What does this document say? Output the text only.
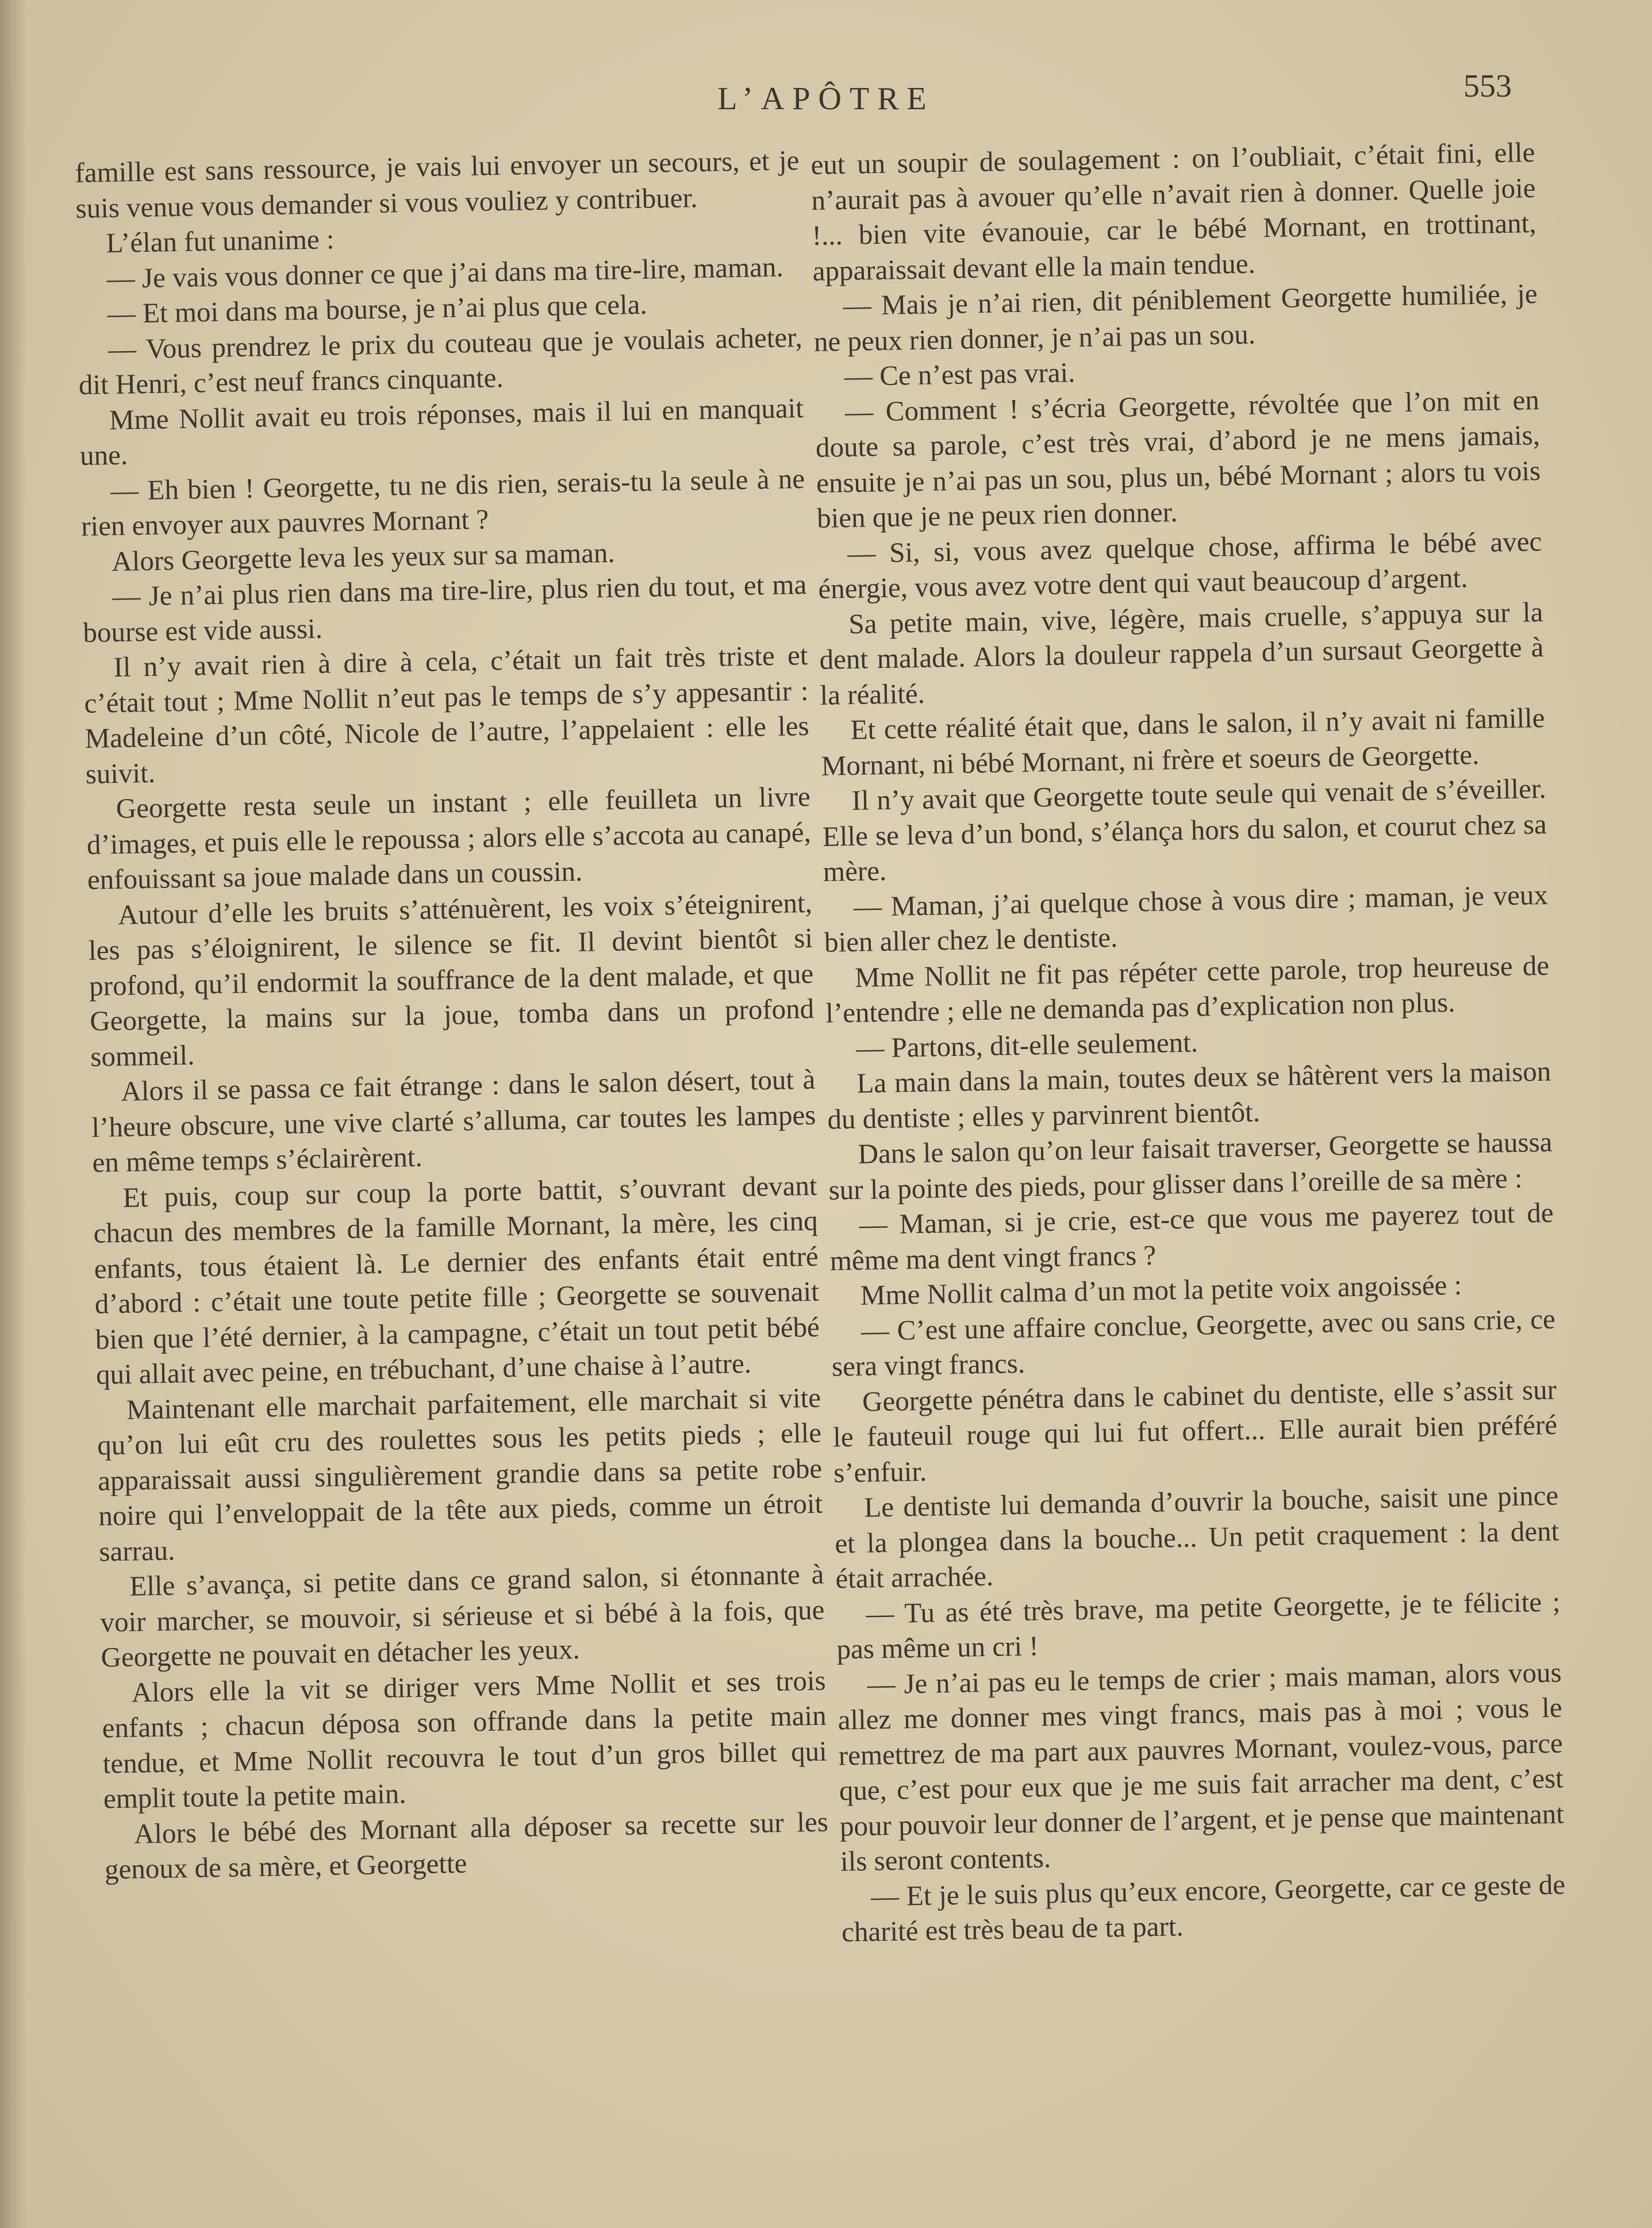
L’APÔTRE	553

famille est sans ressource, je vais lui envoyer un secours, et je suis venue vous demander si vous vouliez y contribuer.

L’élan fut unanime :

— Je vais vous donner ce que j’ai dans ma tire-lire, maman.

— Et moi dans ma bourse, je n’ai plus que cela.

— Vous prendrez le prix du couteau que je voulais acheter, dit Henri, c’est neuf francs cinquante.

Mme Nollit avait eu trois réponses, mais il lui en manquait une.

— Eh bien ! Georgette, tu ne dis rien, serais-tu la seule à ne rien envoyer aux pauvres Mornant ?

Alors Georgette leva les yeux sur sa maman.

— Je n’ai plus rien dans ma tire-lire, plus rien du tout, et ma bourse est vide aussi.

Il n’y avait rien à dire à cela, c’était un fait très triste et c’était tout ; Mme Nollit n’eut pas le temps de s’y appesantir : Madeleine d’un côté, Nicole de l’autre, l’appelaient : elle les suivit.

Georgette resta seule un instant ; elle feuilleta un livre d’images, et puis elle le repoussa ; alors elle s’accota au canapé, enfouissant sa joue malade dans un coussin.

Autour d’elle les bruits s’atténuèrent, les voix s’éteignirent, les pas s’éloignirent, le silence se fit. Il devint bientôt si profond, qu’il endormit la souffrance de la dent malade, et que Georgette, la mains sur la joue, tomba dans un profond sommeil.

Alors il se passa ce fait étrange : dans le salon désert, tout à l’heure obscure, une vive clarté s’alluma, car toutes les lampes en même temps s’éclairèrent.

Et puis, coup sur coup la porte battit, s’ouvrant devant chacun des membres de la famille Mornant, la mère, les cinq enfants, tous étaient là. Le dernier des enfants était entré d’abord : c’était une toute petite fille ; Georgette se souvenait bien que l’été dernier, à la campagne, c’était un tout petit bébé qui allait avec peine, en trébuchant, d’une chaise à l’autre.

Maintenant elle marchait parfaitement, elle marchait si vite qu’on lui eût cru des roulettes sous les petits pieds ; elle apparaissait aussi singulièrement grandie dans sa petite robe noire qui l’enveloppait de la tête aux pieds, comme un étroit sarrau.

Elle s’avança, si petite dans ce grand salon, si étonnante à voir marcher, se mouvoir, si sérieuse et si bébé à la fois, que Georgette ne pouvait en détacher les yeux.

Alors elle la vit se diriger vers Mme Nollit et ses trois enfants ; chacun déposa son offrande dans la petite main tendue, et Mme Nollit recouvra le tout d’un gros billet qui emplit toute la petite main.

Alors le bébé des Mornant alla déposer sa recette sur les genoux de sa mère, et Georgette

eut un soupir de soulagement : on l’oubliait, c’était fini, elle n’aurait pas à avouer qu’elle n’avait rien à donner. Quelle joie !... bien vite évanouie, car le bébé Mornant, en trottinant, apparaissait devant elle la main tendue.

— Mais je n’ai rien, dit péniblement Georgette humiliée, je ne peux rien donner, je n’ai pas un sou.

— Ce n’est pas vrai.

— Comment ! s’écria Georgette, révoltée que l’on mit en doute sa parole, c’est très vrai, d’abord je ne mens jamais, ensuite je n’ai pas un sou, plus un, bébé Mornant ; alors tu vois bien que je ne peux rien donner.

— Si, si, vous avez quelque chose, affirma le bébé avec énergie, vous avez votre dent qui vaut beaucoup d’argent.

Sa petite main, vive, légère, mais cruelle, s’appuya sur la dent malade. Alors la douleur rappela d’un sursaut Georgette à la réalité.

Et cette réalité était que, dans le salon, il n’y avait ni famille Mornant, ni bébé Mornant, ni frère et soeurs de Georgette.

Il n’y avait que Georgette toute seule qui venait de s’éveiller. Elle se leva d’un bond, s’élança hors du salon, et courut chez sa mère.

— Maman, j’ai quelque chose à vous dire ; maman, je veux bien aller chez le dentiste.

Mme Nollit ne fit pas répéter cette parole, trop heureuse de l’entendre ; elle ne demanda pas d’explication non plus.

— Partons, dit-elle seulement.

La main dans la main, toutes deux se hâtèrent vers la maison du dentiste ; elles y parvinrent bientôt.

Dans le salon qu’on leur faisait traverser, Georgette se haussa sur la pointe des pieds, pour glisser dans l’oreille de sa mère :

— Maman, si je crie, est-ce que vous me payerez tout de même ma dent vingt francs ?

Mme Nollit calma d’un mot la petite voix angoissée :

— C’est une affaire conclue, Georgette, avec ou sans crie, ce sera vingt francs.

Georgette pénétra dans le cabinet du dentiste, elle s’assit sur le fauteuil rouge qui lui fut offert... Elle aurait bien préféré s’enfuir.

Le dentiste lui demanda d’ouvrir la bouche, saisit une pince et la plongea dans la bouche... Un petit craquement : la dent était arrachée.

— Tu as été très brave, ma petite Georgette, je te félicite ; pas même un cri !

— Je n’ai pas eu le temps de crier ; mais maman, alors vous allez me donner mes vingt francs, mais pas à moi ; vous le remettrez de ma part aux pauvres Mornant, voulez-vous, parce que, c’est pour eux que je me suis fait arracher ma dent, c’est pour pouvoir leur donner de l’argent, et je pense que maintenant ils seront contents.

— Et je le suis plus qu’eux encore, Georgette, car ce geste de charité est très beau de ta part.
